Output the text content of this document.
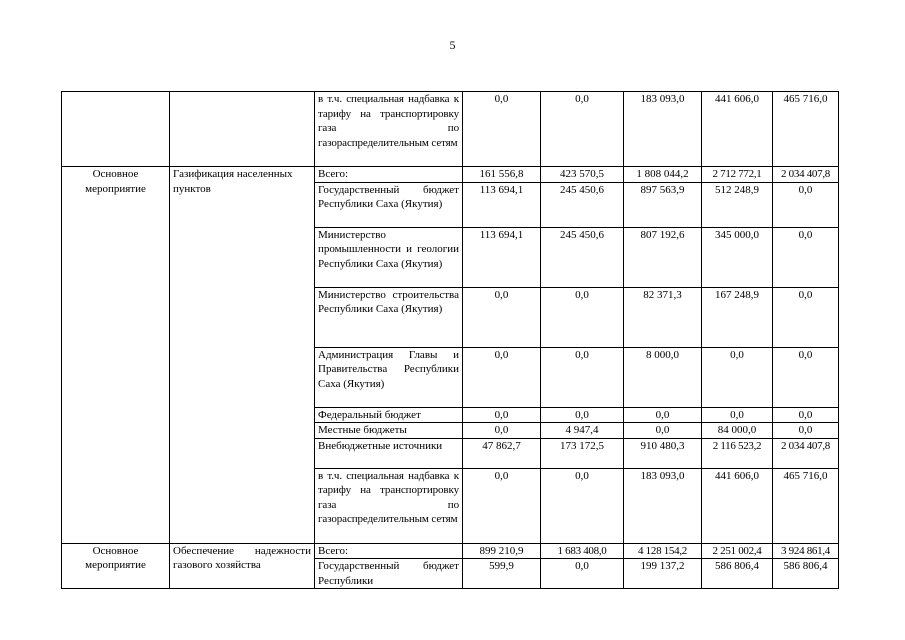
5
		в т.ч. специальная надбавка к тарифу на транспортировку газа по газораспределительным сетям	0,0	0,0	183 093,0	441 606,0	465 716,0
Основное мероприятие	Газификация населенных пунктов	Всего:	161 556,8	423 570,5	1 808 044,2	2 712 772,1	2 034 407,8
		Государственный бюджет Республики Саха (Якутия)	113 694,1	245 450,6	897 563,9	512 248,9	0,0
		Министерство промышленности и геологии Республики Саха (Якутия)	113 694,1	245 450,6	807 192,6	345 000,0	0,0
		Министерство строительства Республики Саха (Якутия)	0,0	0,0	82 371,3	167 248,9	0,0
		Администрация Главы и Правительства Республики Саха (Якутия)	0,0	0,0	8 000,0	0,0	0,0
		Федеральный бюджет	0,0	0,0	0,0	0,0	0,0
		Местные бюджеты	0,0	4 947,4	0,0	84 000,0	0,0
		Внебюджетные источники	47 862,7	173 172,5	910 480,3	2 116 523,2	2 034 407,8
		в т.ч. специальная надбавка к тарифу на транспортировку газа по газораспределительным сетям	0,0	0,0	183 093,0	441 606,0	465 716,0
Основное мероприятие	Обеспечение надежности газового хозяйства	Всего:	899 210,9	1 683 408,0	4 128 154,2	2 251 002,4	3 924 861,4
		Государственный бюджет Республики	599,9	0,0	199 137,2	586 806,4	586 806,4
